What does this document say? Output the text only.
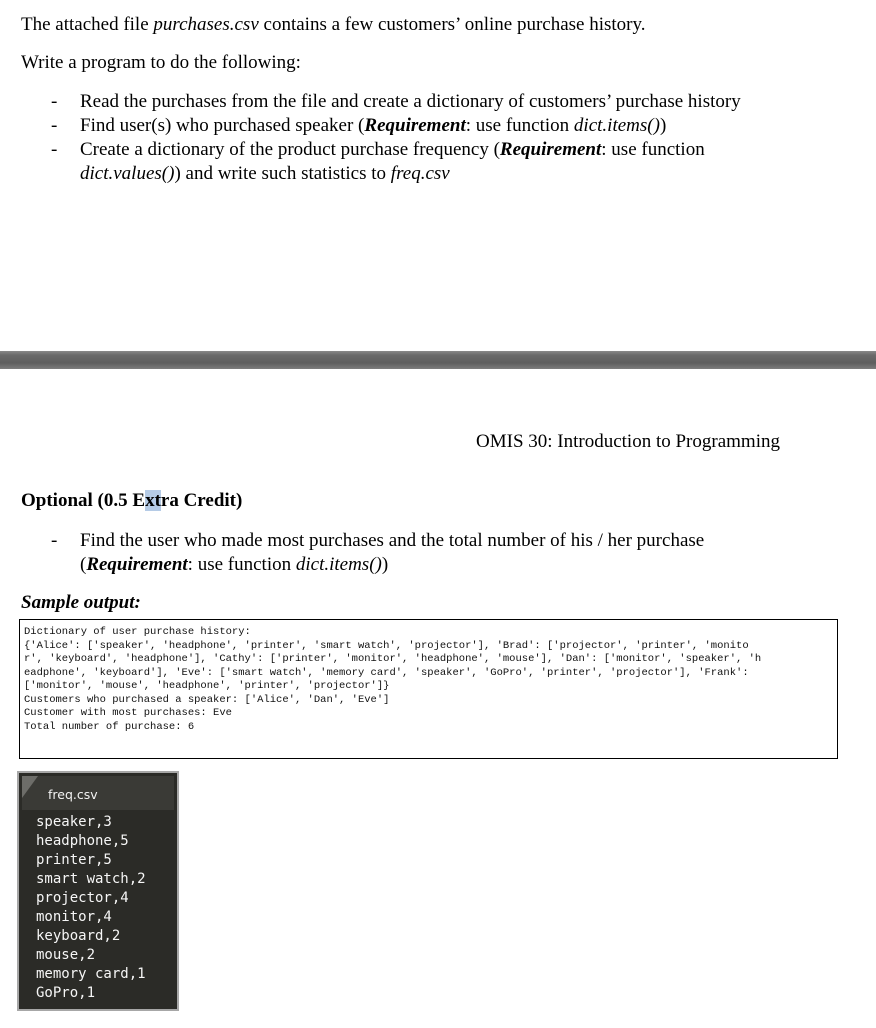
The attached file purchases.csv contains a few customers’ online purchase history.
Write a program to do the following:
- Read the purchases from the file and create a dictionary of customers’ purchase history
- Find user(s) who purchased speaker (Requirement: use function dict.items())
- Create a dictionary of the product purchase frequency (Requirement: use function
dict.values()) and write such statistics to freq.csv
OMIS 30: Introduction to Programming
Optional (0.5 Extra Credit)
- Find the user who made most purchases and the total number of his / her purchase
(Requirement: use function dict.items())
Sample output:
Dictionary of user purchase history:
{'Alice': ['speaker', 'headphone', 'printer', 'smart watch', 'projector'], 'Brad': ['projector', 'printer', 'monito
r', 'keyboard', 'headphone'], 'Cathy': ['printer', 'monitor', 'headphone', 'mouse'], 'Dan': ['monitor', 'speaker', 'h
eadphone', 'keyboard'], 'Eve': ['smart watch', 'memory card', 'speaker', 'GoPro', 'printer', 'projector'], 'Frank':
['monitor', 'mouse', 'headphone', 'printer', 'projector']}
Customers who purchased a speaker: ['Alice', 'Dan', 'Eve']
Customer with most purchases: Eve
Total number of purchase: 6
freq.csv
speaker,3
headphone,5
printer,5
smart watch,2
projector,4
monitor,4
keyboard,2
mouse,2
memory card,1
GoPro,1
